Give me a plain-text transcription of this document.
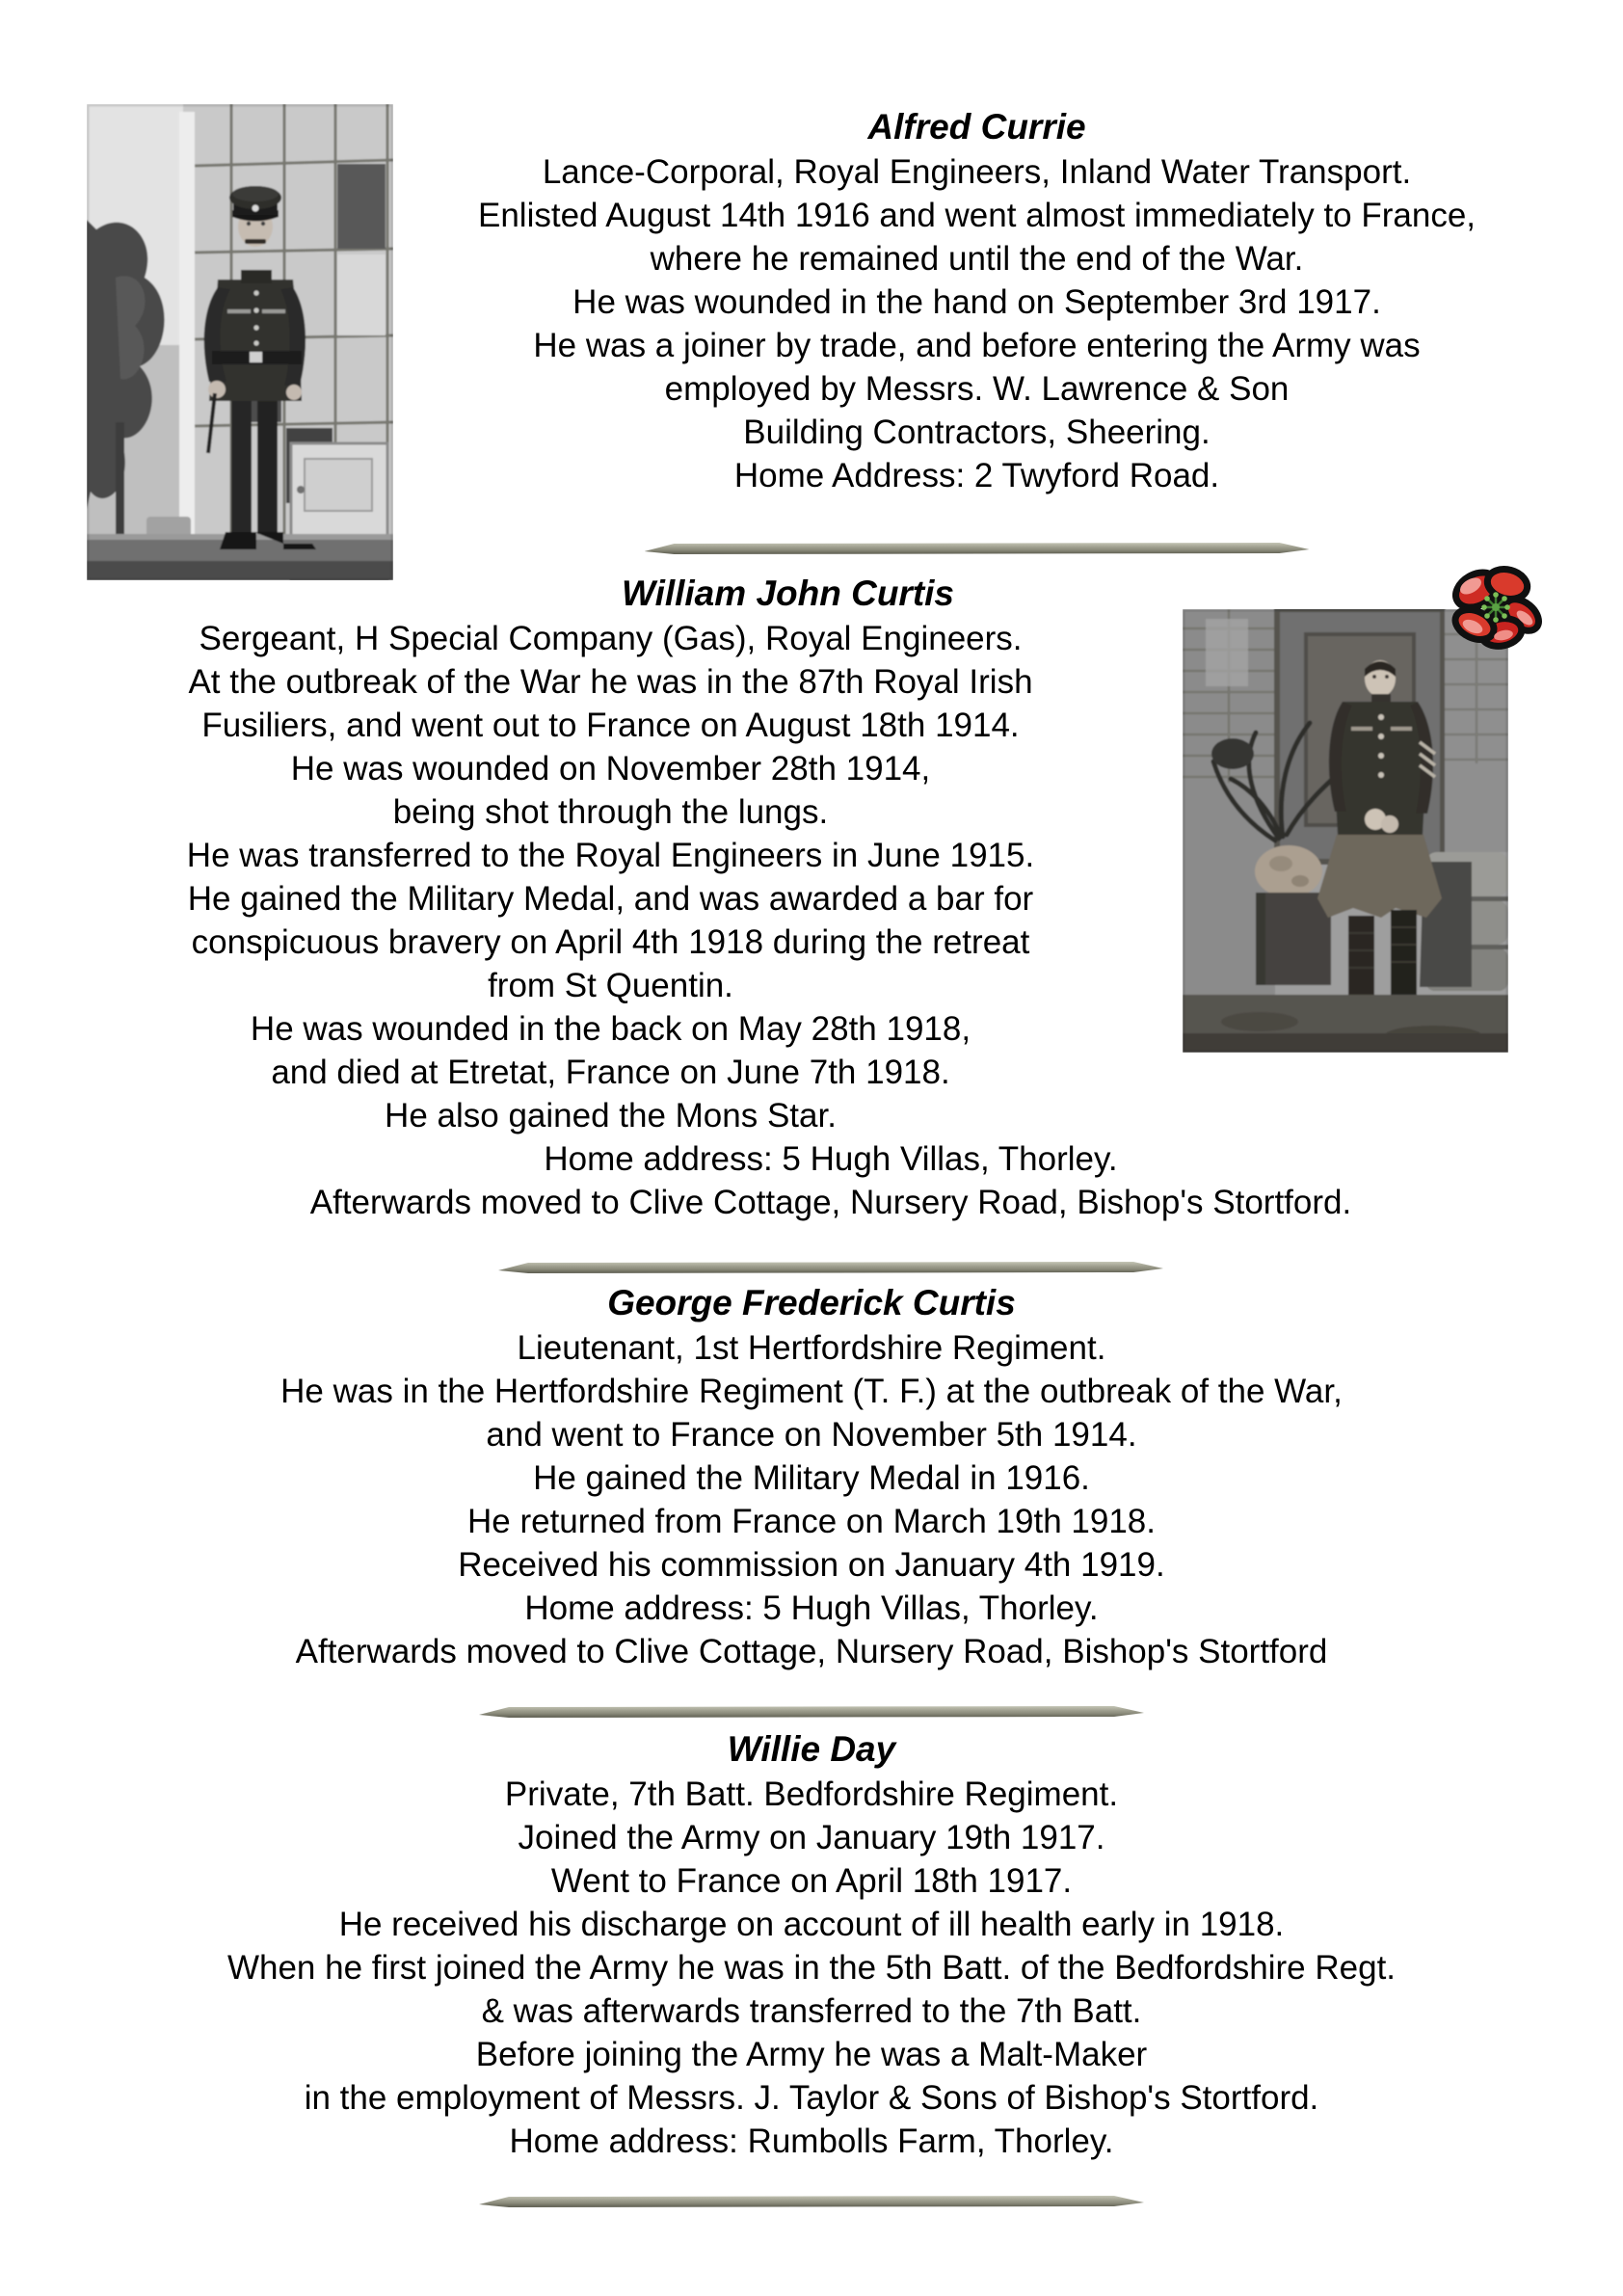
Alfred Currie
Lance-Corporal, Royal Engineers, Inland Water Transport.
Enlisted August 14th 1916 and went almost immediately to France,
where he remained until the end of the War.
He was wounded in the hand on September 3rd 1917.
He was a joiner by trade, and before entering the Army was
employed by Messrs. W. Lawrence & Son
Building Contractors, Sheering.
Home Address: 2 Twyford Road.
William John Curtis
Sergeant, H Special Company (Gas), Royal Engineers.
At the outbreak of the War he was in the 87th Royal Irish
Fusiliers, and went out to France on August 18th 1914.
He was wounded on November 28th 1914,
being shot through the lungs.
He was transferred to the Royal Engineers in June 1915.
He gained the Military Medal, and was awarded a bar for
conspicuous bravery on April 4th 1918 during the retreat
from St Quentin.
He was wounded in the back on May 28th 1918,
and died at Etretat, France on June 7th 1918.
He also gained the Mons Star.
Home address: 5 Hugh Villas, Thorley.
Afterwards moved to Clive Cottage, Nursery Road, Bishop's Stortford.
George Frederick Curtis
Lieutenant, 1st Hertfordshire Regiment.
He was in the Hertfordshire Regiment (T. F.) at the outbreak of the War,
and went to France on November 5th 1914.
He gained the Military Medal in 1916.
He returned from France on March 19th 1918.
Received his commission on January 4th 1919.
Home address: 5 Hugh Villas, Thorley.
Afterwards moved to Clive Cottage, Nursery Road, Bishop's Stortford
Willie Day
Private, 7th Batt. Bedfordshire Regiment.
Joined the Army on January 19th 1917.
Went to France on April 18th 1917.
He received his discharge on account of ill health early in 1918.
When he first joined the Army he was in the 5th Batt. of the Bedfordshire Regt.
& was afterwards transferred to the 7th Batt.
Before joining the Army he was a Malt-Maker
in the employment of Messrs. J. Taylor & Sons of Bishop's Stortford.
Home address: Rumbolls Farm, Thorley.
